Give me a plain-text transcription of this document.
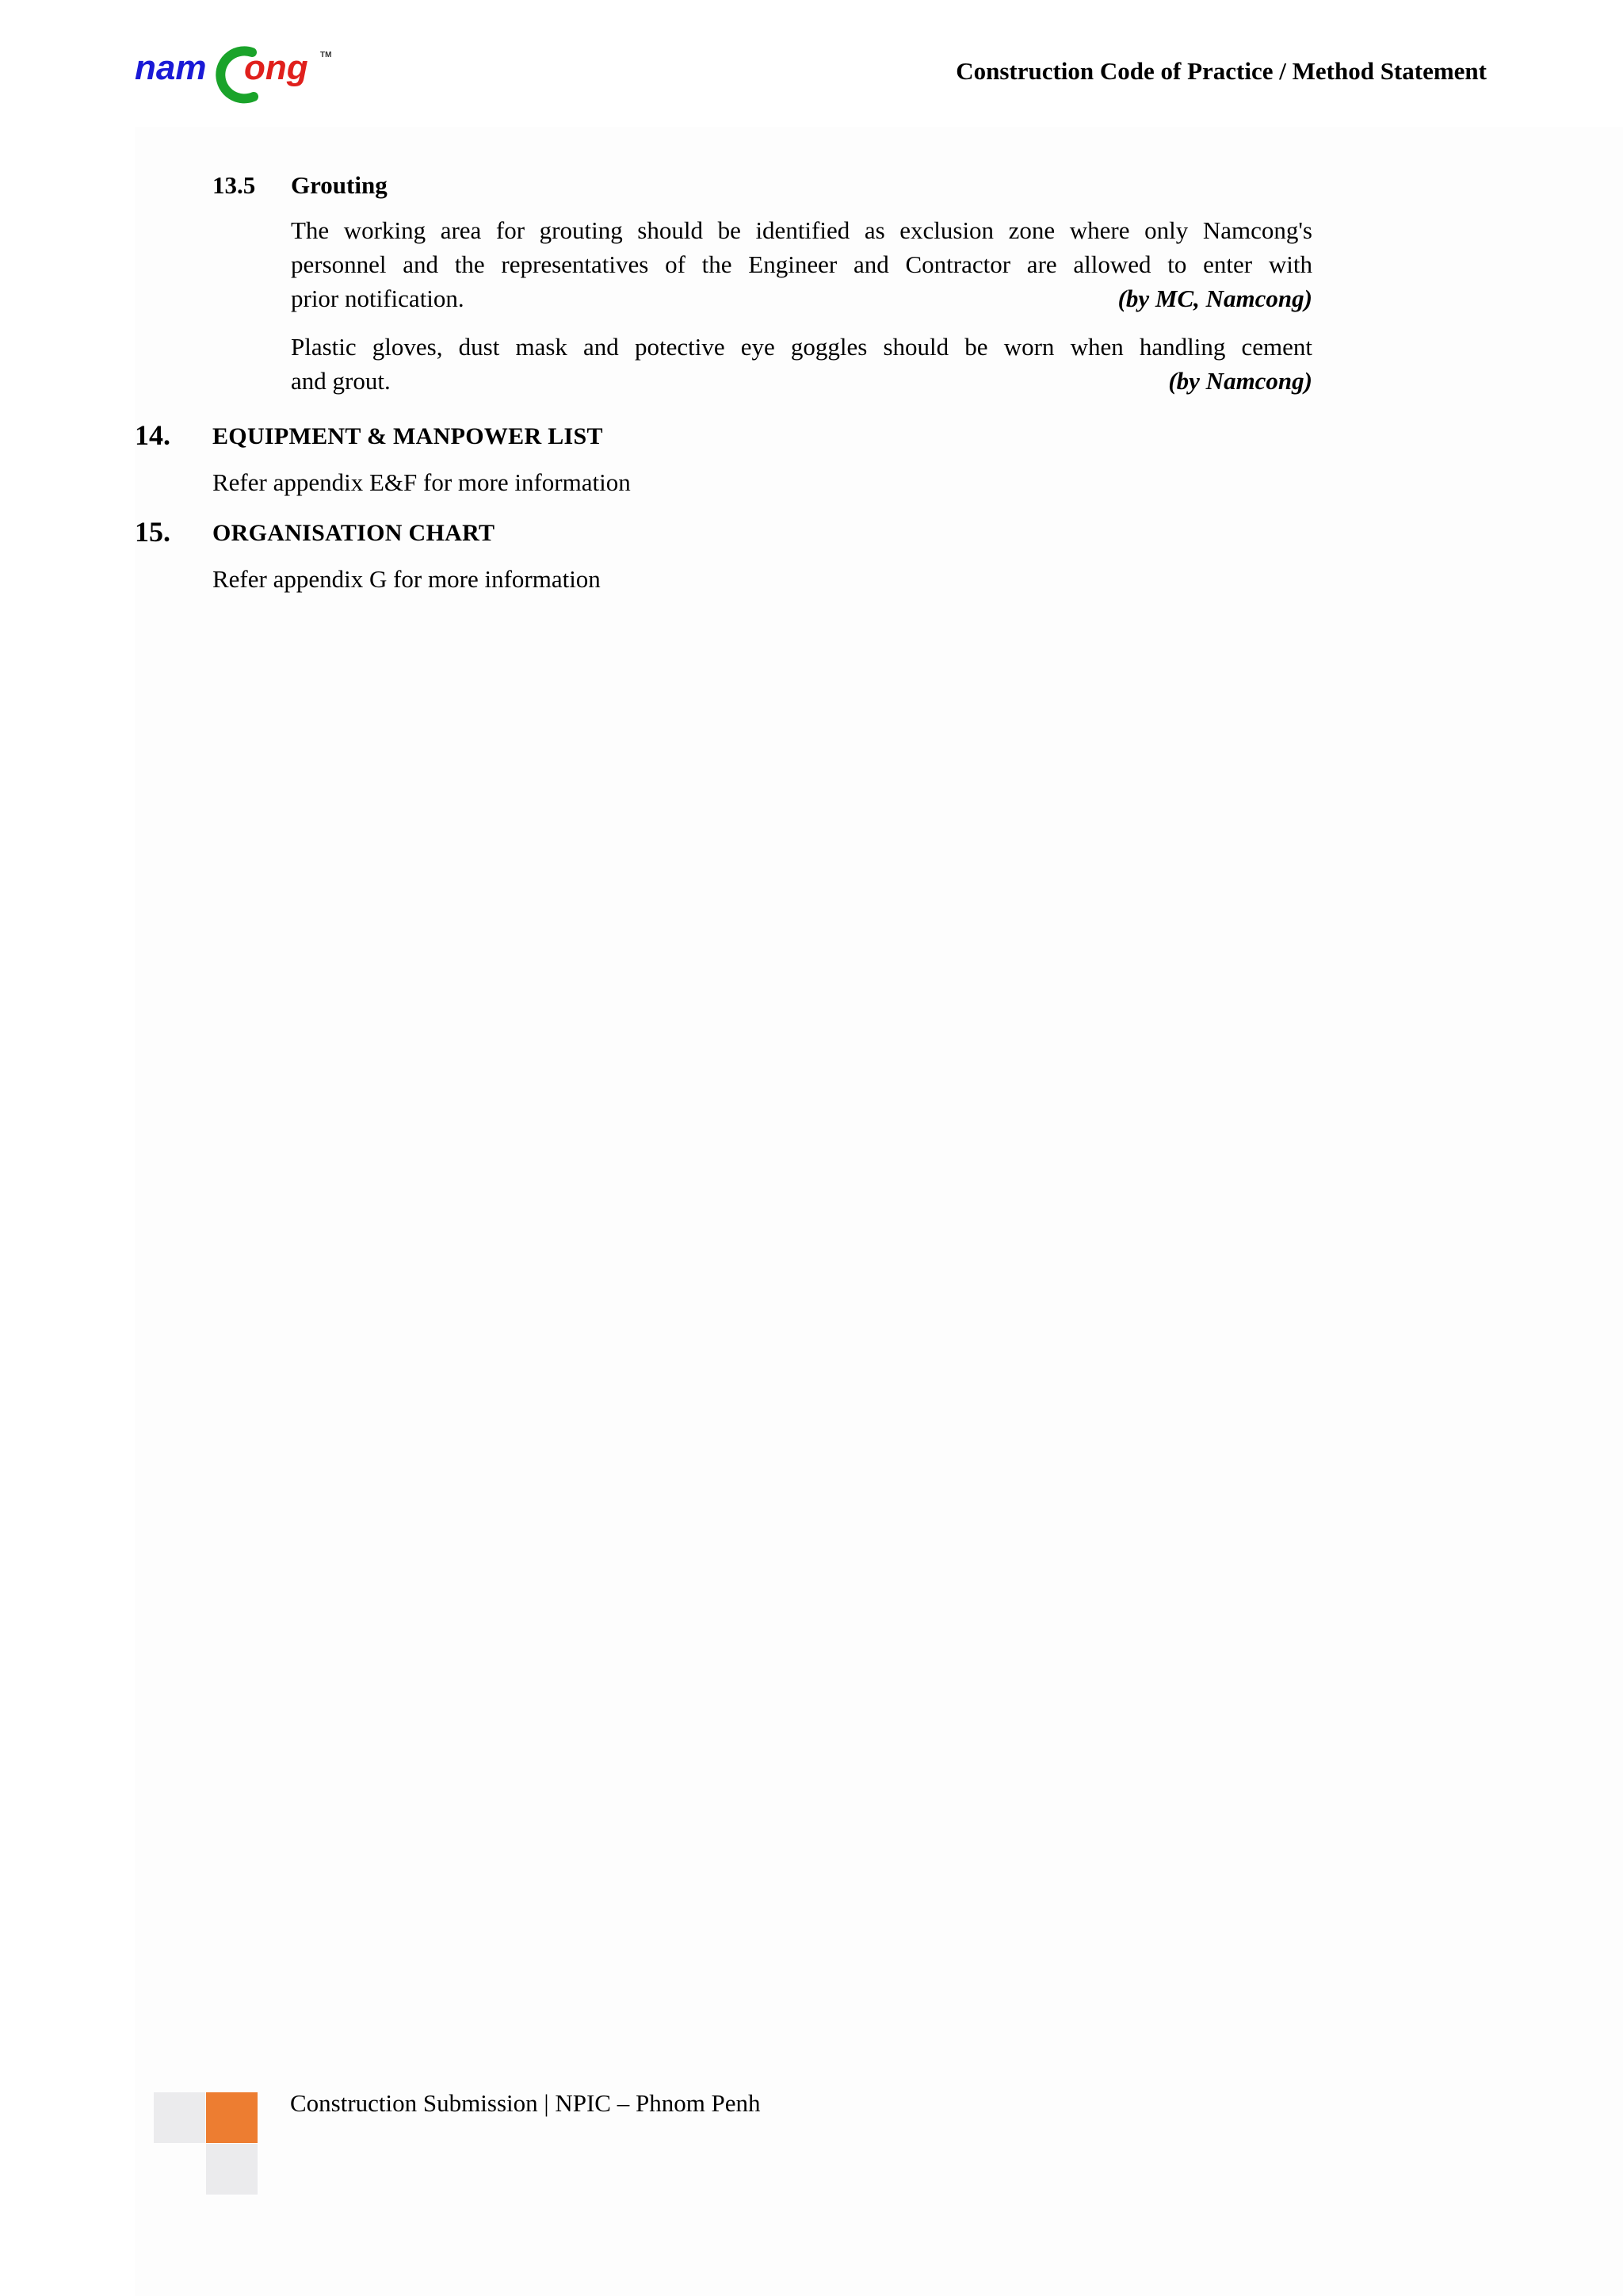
nam ong TM
Construction Code of Practice / Method Statement
13.5 Grouting
The working area for grouting should be identified as exclusion zone where only Namcong's
personnel and the representatives of the Engineer and Contractor are allowed to enter with
prior notification.	(by MC, Namcong)
Plastic gloves, dust mask and potective eye goggles should be worn when handling cement
and grout.	(by Namcong)
14. EQUIPMENT & MANPOWER LIST
Refer appendix E&F for more information
15. ORGANISATION CHART
Refer appendix G for more information
Construction Submission | NPIC – Phnom Penh
